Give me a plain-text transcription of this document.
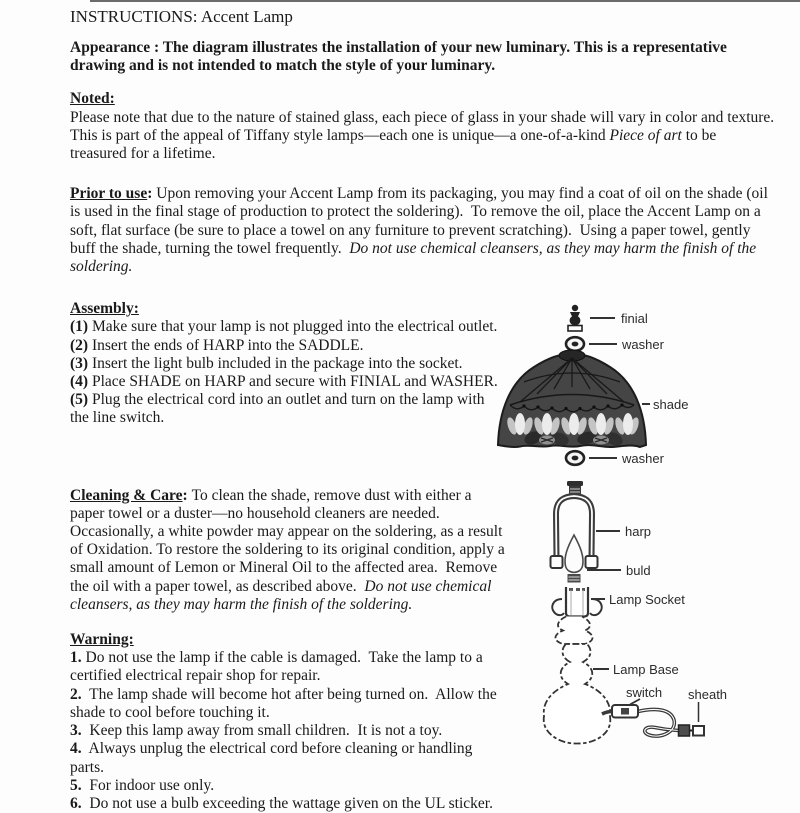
INSTRUCTIONS: Accent Lamp

Appearance : The diagram illustrates the installation of your new luminary. This is a representative drawing and is not intended to match the style of your luminary.

Noted:

Please note that due to the nature of stained glass, each piece of glass in your shade will vary in color and texture.  This is part of the appeal of Tiffany style lamps—each one is unique—a one-of-a-kind Piece of art to be treasured for a lifetime.

Prior to use: Upon removing your Accent Lamp from its packaging, you may find a coat of oil on the shade (oil is used in the final stage of production to protect the soldering).  To remove the oil, place the Accent Lamp on a soft, flat surface (be sure to place a towel on any furniture to prevent scratching).  Using a paper towel, gently buff the shade, turning the towel frequently.  Do not use chemical cleansers, as they may harm the finish of the soldering.

Assembly:

(1) Make sure that your lamp is not plugged into the electrical outlet.

(2) Insert the ends of HARP into the SADDLE.

(3) Insert the light bulb included in the package into the socket.

(4) Place SHADE on HARP and secure with FINIAL and WASHER.

(5) Plug the electrical cord into an outlet and turn on the lamp with the line switch.

Cleaning & Care: To clean the shade, remove dust with either a paper towel or a duster—no household cleaners are needed.  Occasionally, a white powder may appear on the soldering, as a result of Oxidation. To restore the soldering to its original condition, apply a small amount of Lemon or Mineral Oil to the affected area.  Remove the oil with a paper towel, as described above.  Do not use chemical cleansers, as they may harm the finish of the soldering.

Warning:

1. Do not use the lamp if the cable is damaged.  Take the lamp to a certified electrical repair shop for repair.

2.  The lamp shade will become hot after being turned on.  Allow the shade to cool before touching it.

3.  Keep this lamp away from small children.  It is not a toy.

4.  Always unplug the electrical cord before cleaning or handling parts.

5.  For indoor use only.

6.  Do not use a bulb exceeding the wattage given on the UL sticker.

finial
washer
shade
washer
harp
buld
Lamp Socket
Lamp Base
switch sheath
